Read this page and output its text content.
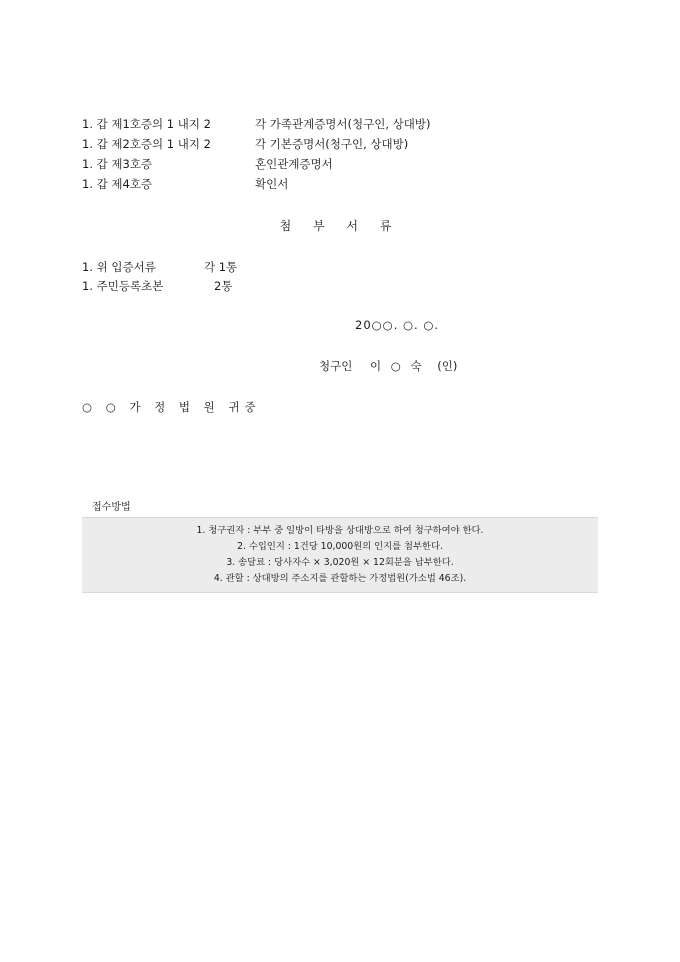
1. 갑 제1호증의 1 내지 2	각 가족관계증명서(청구인, 상대방)
1. 갑 제2호증의 1 내지 2	각 기본증명서(청구인, 상대방)
1. 갑 제3호증	혼인관계증명서
1. 갑 제4호증	확인서
첨 부 서 류
1. 위 입증서류	각 1통
1. 주민등록초본	2통
20○○. ○. ○.
청구인 이 ○ 숙 (인)
○ ○ 가 정 법 원 귀중
접수방법
1. 청구권자 : 부부 중 일방이 타방을 상대방으로 하여 청구하여야 한다.
2. 수입인지 : 1건당 10,000원의 인지를 첨부한다.
3. 송달료 : 당사자수 × 3,020원 × 12회분을 납부한다.
4. 관할 : 상대방의 주소지를 관할하는 가정법원(가소법 46조).
